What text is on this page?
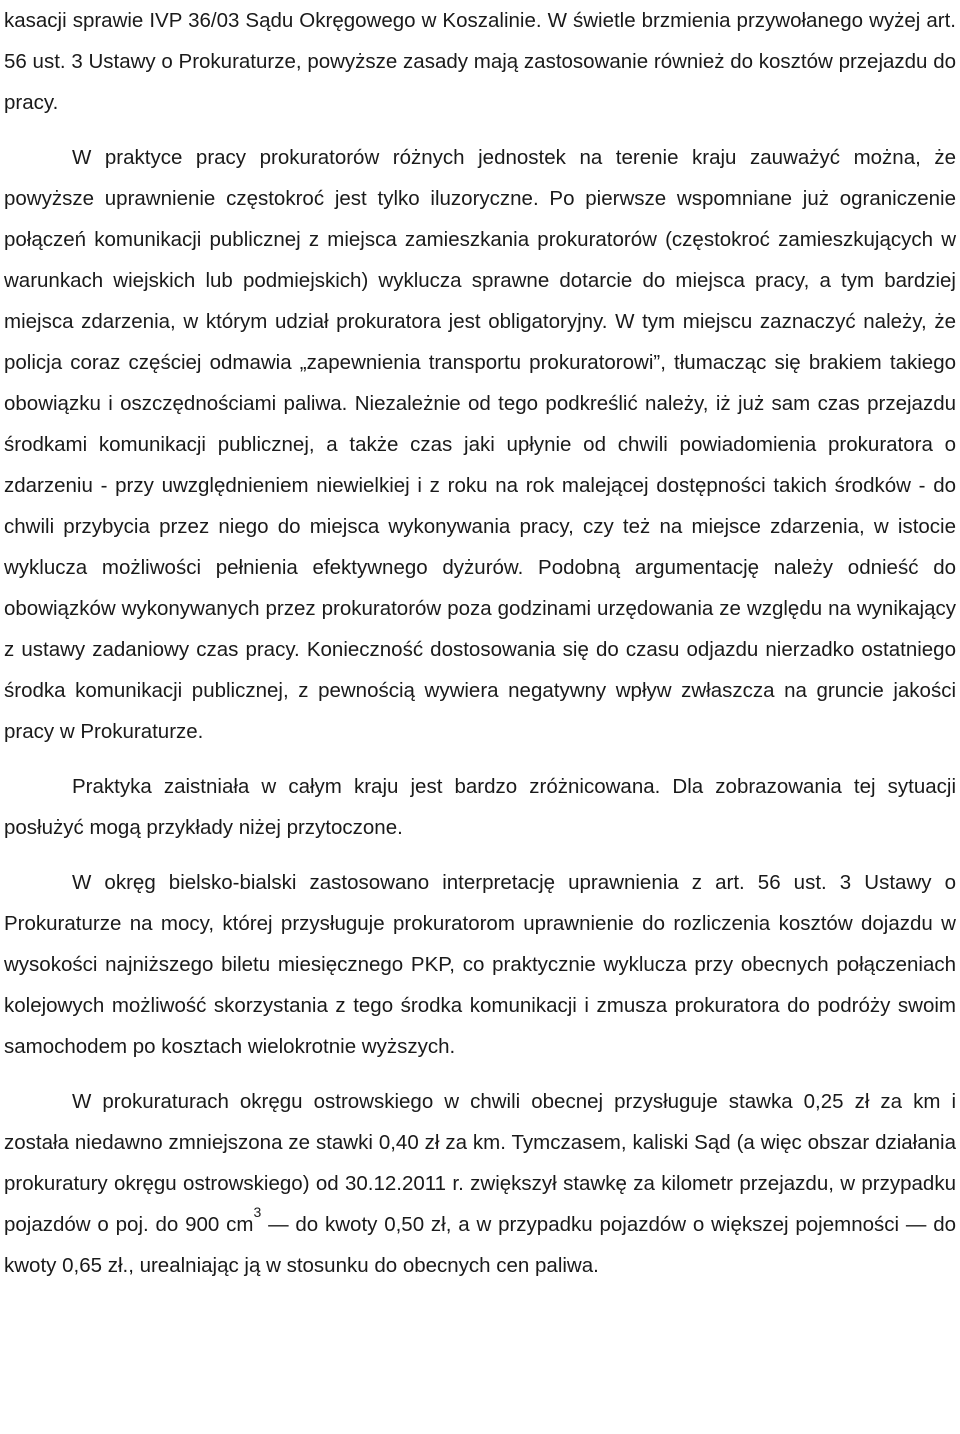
kasacji sprawie IVP 36/03 Sądu Okręgowego w Koszalinie. W świetle brzmienia przywołanego wyżej art. 56 ust. 3 Ustawy o Prokuraturze, powyższe zasady mają zastosowanie również do kosztów przejazdu do pracy.

W praktyce pracy prokuratorów różnych jednostek na terenie kraju zauważyć można, że powyższe uprawnienie częstokroć jest tylko iluzoryczne. Po pierwsze wspomniane już ograniczenie połączeń komunikacji publicznej z miejsca zamieszkania prokuratorów (częstokroć zamieszkujących w warunkach wiejskich lub podmiejskich) wyklucza sprawne dotarcie do miejsca pracy, a tym bardziej miejsca zdarzenia, w którym udział prokuratora jest obligatoryjny. W tym miejscu zaznaczyć należy, że policja coraz częściej odmawia „zapewnienia transportu prokuratorowi”, tłumacząc się brakiem takiego obowiązku i oszczędnościami paliwa. Niezależnie od tego podkreślić należy, iż już sam czas przejazdu środkami komunikacji publicznej, a także czas jaki upłynie od chwili powiadomienia prokuratora o zdarzeniu - przy uwzględnieniem niewielkiej i z roku na rok malejącej dostępności takich środków - do chwili przybycia przez niego do miejsca wykonywania pracy, czy też na miejsce zdarzenia, w istocie wyklucza możliwości pełnienia efektywnego dyżurów. Podobną argumentację należy odnieść do obowiązków wykonywanych przez prokuratorów poza godzinami urzędowania ze względu na wynikający z ustawy zadaniowy czas pracy. Konieczność dostosowania się do czasu odjazdu nierzadko ostatniego środka komunikacji publicznej, z pewnością wywiera negatywny wpływ zwłaszcza na gruncie jakości pracy w Prokuraturze.

Praktyka zaistniała w całym kraju jest bardzo zróżnicowana. Dla zobrazowania tej sytuacji posłużyć mogą przykłady niżej przytoczone.

W okręg bielsko-bialski zastosowano interpretację uprawnienia z art. 56 ust. 3 Ustawy o Prokuraturze na mocy, której przysługuje prokuratorom uprawnienie do rozliczenia kosztów dojazdu w wysokości najniższego biletu miesięcznego PKP, co praktycznie wyklucza przy obecnych połączeniach kolejowych możliwość skorzystania z tego środka komunikacji i zmusza prokuratora do podróży swoim samochodem po kosztach wielokrotnie wyższych.

W prokuraturach okręgu ostrowskiego w chwili obecnej przysługuje stawka 0,25 zł za km i została niedawno zmniejszona ze stawki 0,40 zł za km. Tymczasem, kaliski Sąd (a więc obszar działania prokuratury okręgu ostrowskiego) od 30.12.2011 r. zwiększył stawkę za kilometr przejazdu, w przypadku pojazdów o poj. do 900 $cm^3$ — do kwoty 0,50 zł, a w przypadku pojazdów o większej pojemności — do kwoty 0,65 zł., urealniając ją w stosunku do obecnych cen paliwa.
